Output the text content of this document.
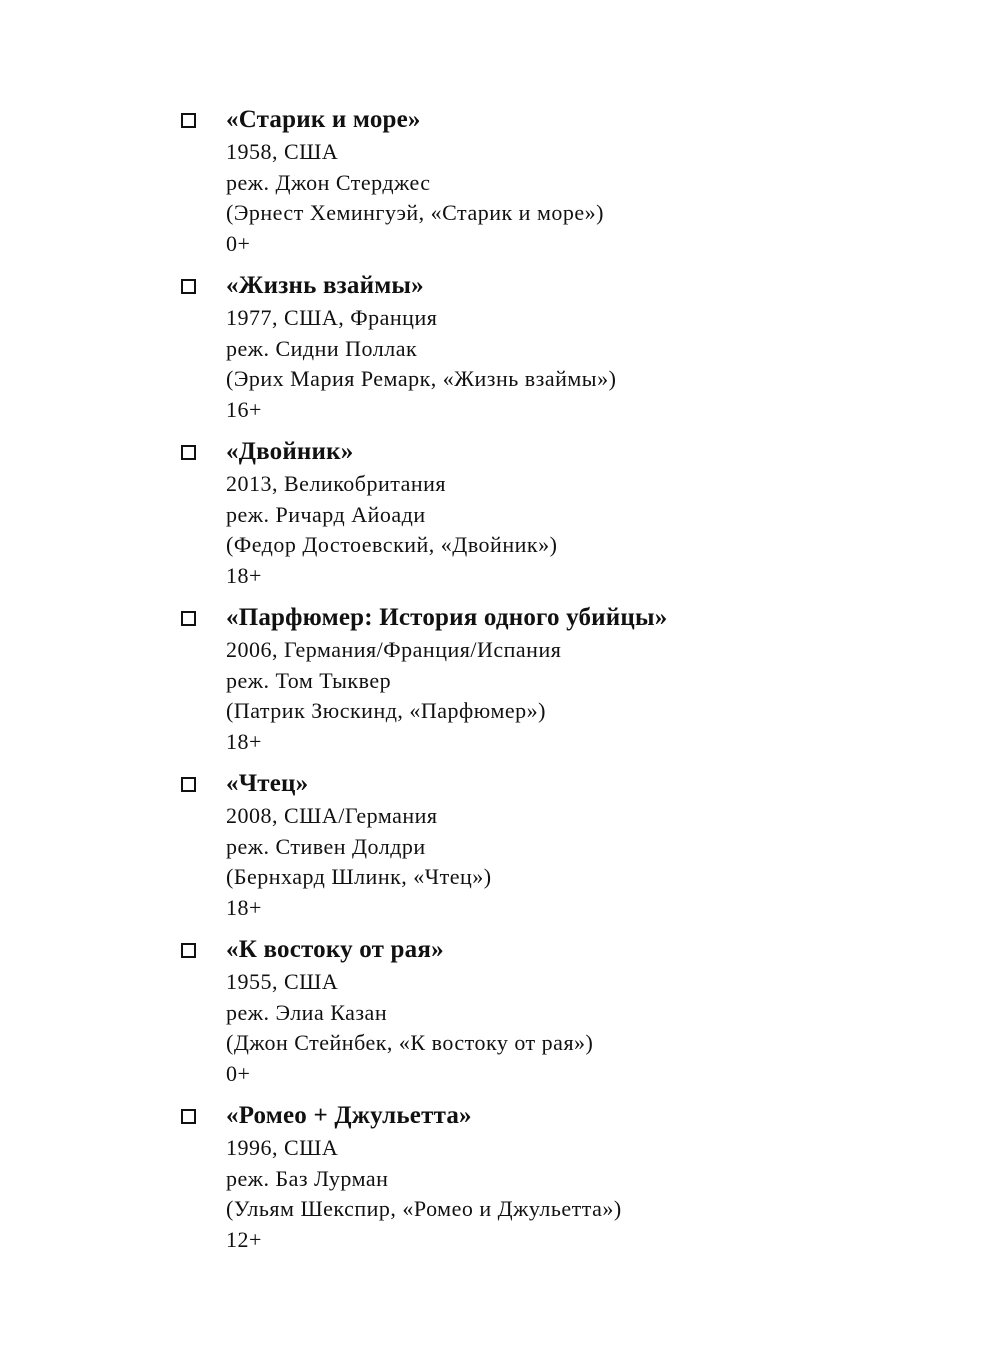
«Старик и море»
1958, США
реж. Джон Стерджес
(Эрнест Хемингуэй, «Старик и море»)
0+
«Жизнь взаймы»
1977, США, Франция
реж. Сидни Поллак
(Эрих Мария Ремарк, «Жизнь взаймы»)
16+
«Двойник»
2013, Великобритания
реж. Ричард Айоади
(Федор Достоевский, «Двойник»)
18+
«Парфюмер: История одного убийцы»
2006, Германия/Франция/Испания
реж. Том Тыквер
(Патрик Зюскинд, «Парфюмер»)
18+
«Чтец»
2008, США/Германия
реж. Стивен Долдри
(Бернхард Шлинк, «Чтец»)
18+
«К востоку от рая»
1955, США
реж. Элиа Казан
(Джон Стейнбек, «К востоку от рая»)
0+
«Ромео + Джульетта»
1996, США
реж. Баз Лурман
(Ульям Шекспир, «Ромео и Джульетта»)
12+
